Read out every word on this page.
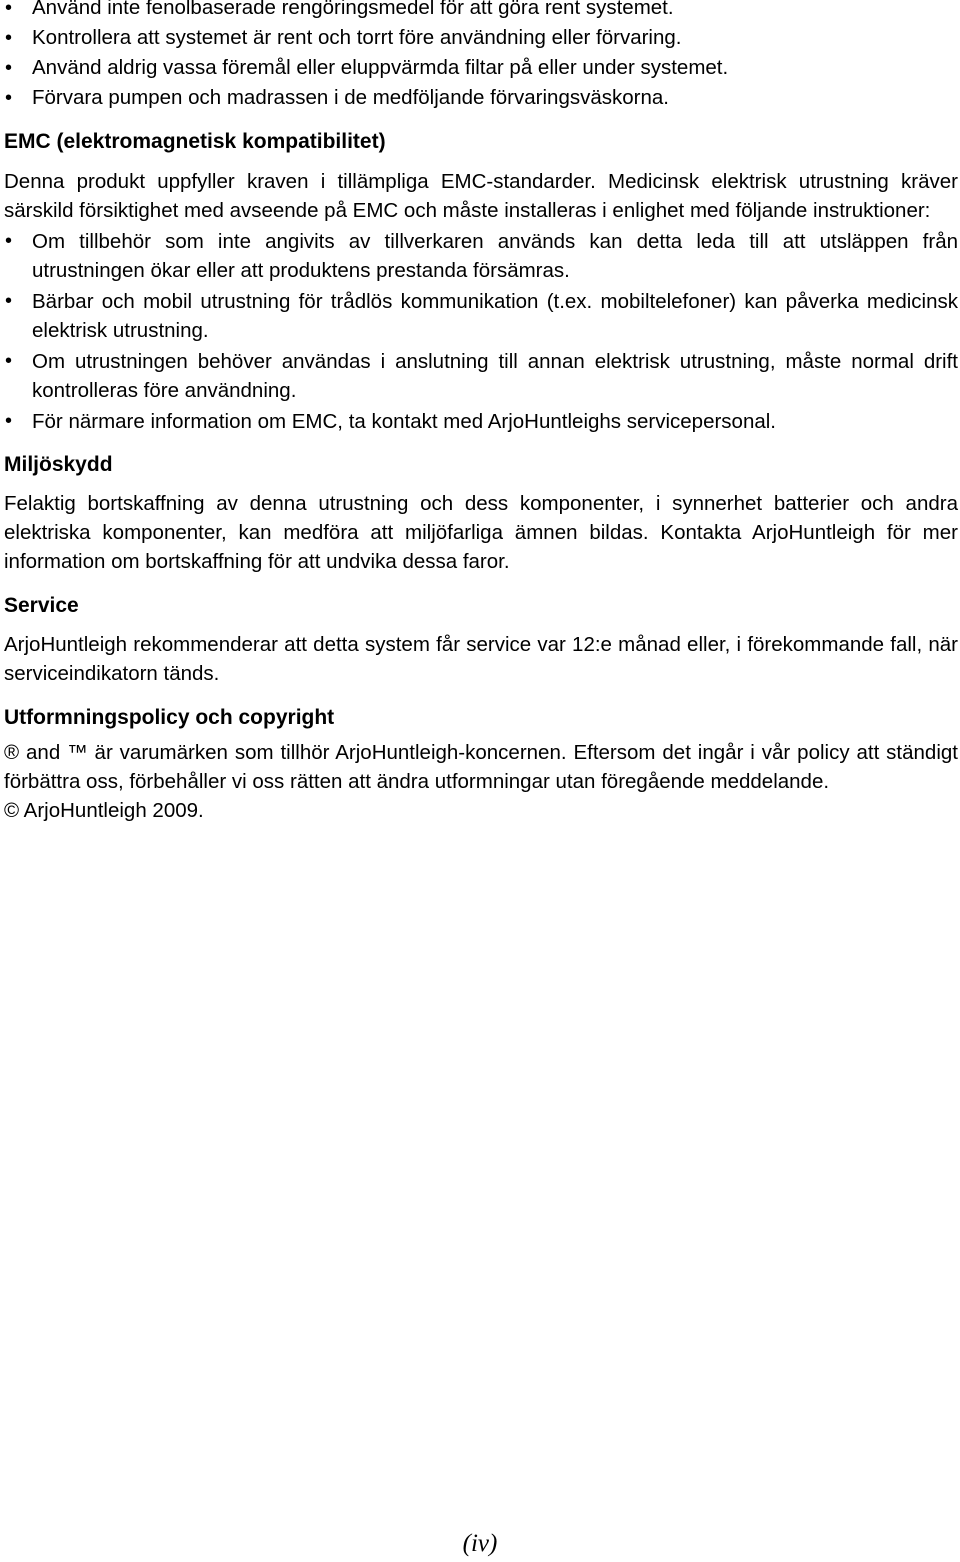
• Använd inte fenolbaserade rengöringsmedel för att göra rent systemet.
• Kontrollera att systemet är rent och torrt före användning eller förvaring.
• Använd aldrig vassa föremål eller eluppvärmda filtar på eller under systemet.
• Förvara pumpen och madrassen i de medföljande förvaringsväskorna.
EMC (elektromagnetisk kompatibilitet)

Denna produkt uppfyller kraven i tillämpliga EMC-standarder. Medicinsk elektrisk utrustning kräver särskild försiktighet med avseende på EMC och måste installeras i enlighet med följande instruktioner:

• Om tillbehör som inte angivits av tillverkaren används kan detta leda till att utsläppen från utrustningen ökar eller att produktens prestanda försämras.
• Bärbar och mobil utrustning för trådlös kommunikation (t.ex. mobiltelefoner) kan påverka medicinsk elektrisk utrustning.
• Om utrustningen behöver användas i anslutning till annan elektrisk utrustning, måste normal drift kontrolleras före användning.
• För närmare information om EMC, ta kontakt med ArjoHuntleighs servicepersonal.
Miljöskydd

Felaktig bortskaffning av denna utrustning och dess komponenter, i synnerhet batterier och andra elektriska komponenter, kan medföra att miljöfarliga ämnen bildas. Kontakta ArjoHuntleigh för mer information om bortskaffning för att undvika dessa faror.

Service

ArjoHuntleigh rekommenderar att detta system får service var 12:e månad eller, i förekommande fall, när serviceindikatorn tänds.

Utformningspolicy och copyright

® and ™ är varumärken som tillhör ArjoHuntleigh-koncernen. Eftersom det ingår i vår policy att ständigt förbättra oss, förbehåller vi oss rätten att ändra utformningar utan föregående meddelande.

© ArjoHuntleigh 2009.

(iv)
